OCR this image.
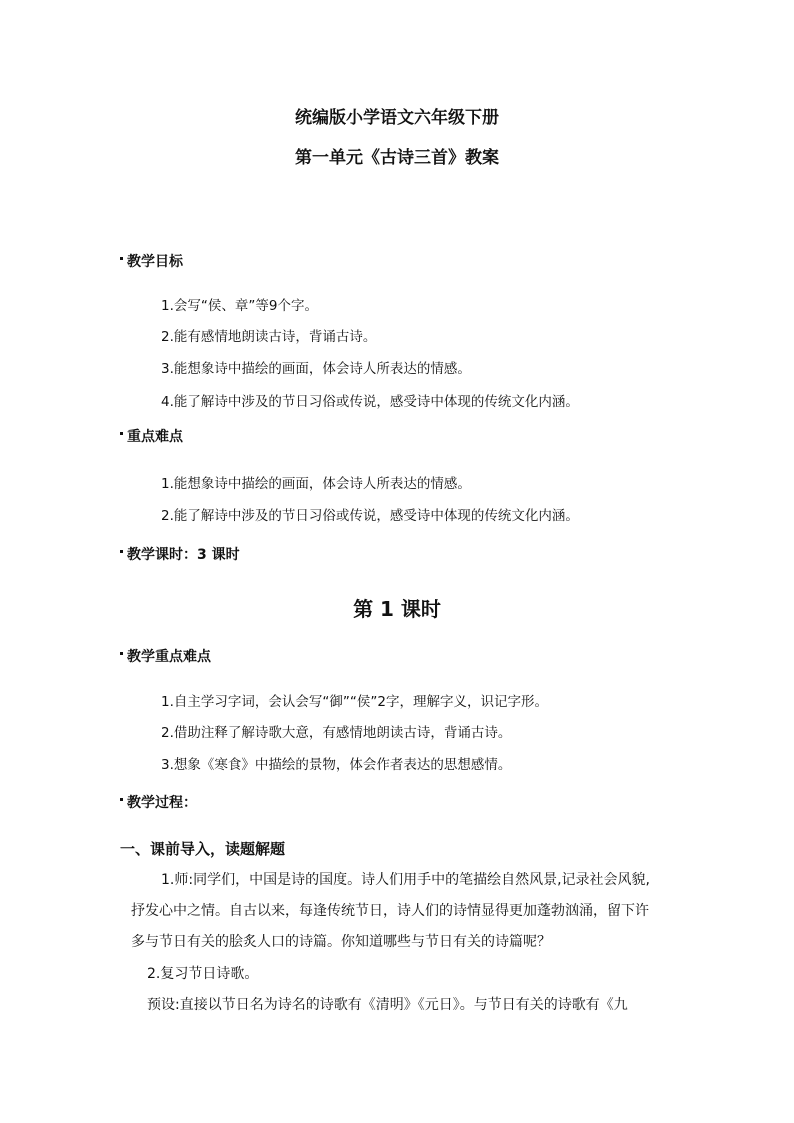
统编版小学语文六年级下册
第一单元《古诗三首》教案
教学目标
1.会写“侯、章”等9个字。
2.能有感情地朗读古诗，背诵古诗。
3.能想象诗中描绘的画面，体会诗人所表达的情感。
4.能了解诗中涉及的节日习俗或传说，感受诗中体现的传统文化内涵。
重点难点
1.能想象诗中描绘的画面，体会诗人所表达的情感。
2.能了解诗中涉及的节日习俗或传说，感受诗中体现的传统文化内涵。
教学课时：3 课时
第 1 课时
教学重点难点
1.自主学习字词，会认会写“御”“侯”2字，理解字义，识记字形。
2.借助注释了解诗歌大意，有感情地朗读古诗，背诵古诗。
3.想象《寒食》中描绘的景物，体会作者表达的思想感情。
教学过程：
一、课前导入，读题解题
1.师:同学们，中国是诗的国度。诗人们用手中的笔描绘自然风景,记录社会风貌,
抒发心中之情。自古以来，每逢传统节日，诗人们的诗情显得更加蓬勃汹涌，留下许
多与节日有关的脍炙人口的诗篇。你知道哪些与节日有关的诗篇呢？
2.复习节日诗歌。
预设:直接以节日名为诗名的诗歌有《清明》《元日》。与节日有关的诗歌有《九
